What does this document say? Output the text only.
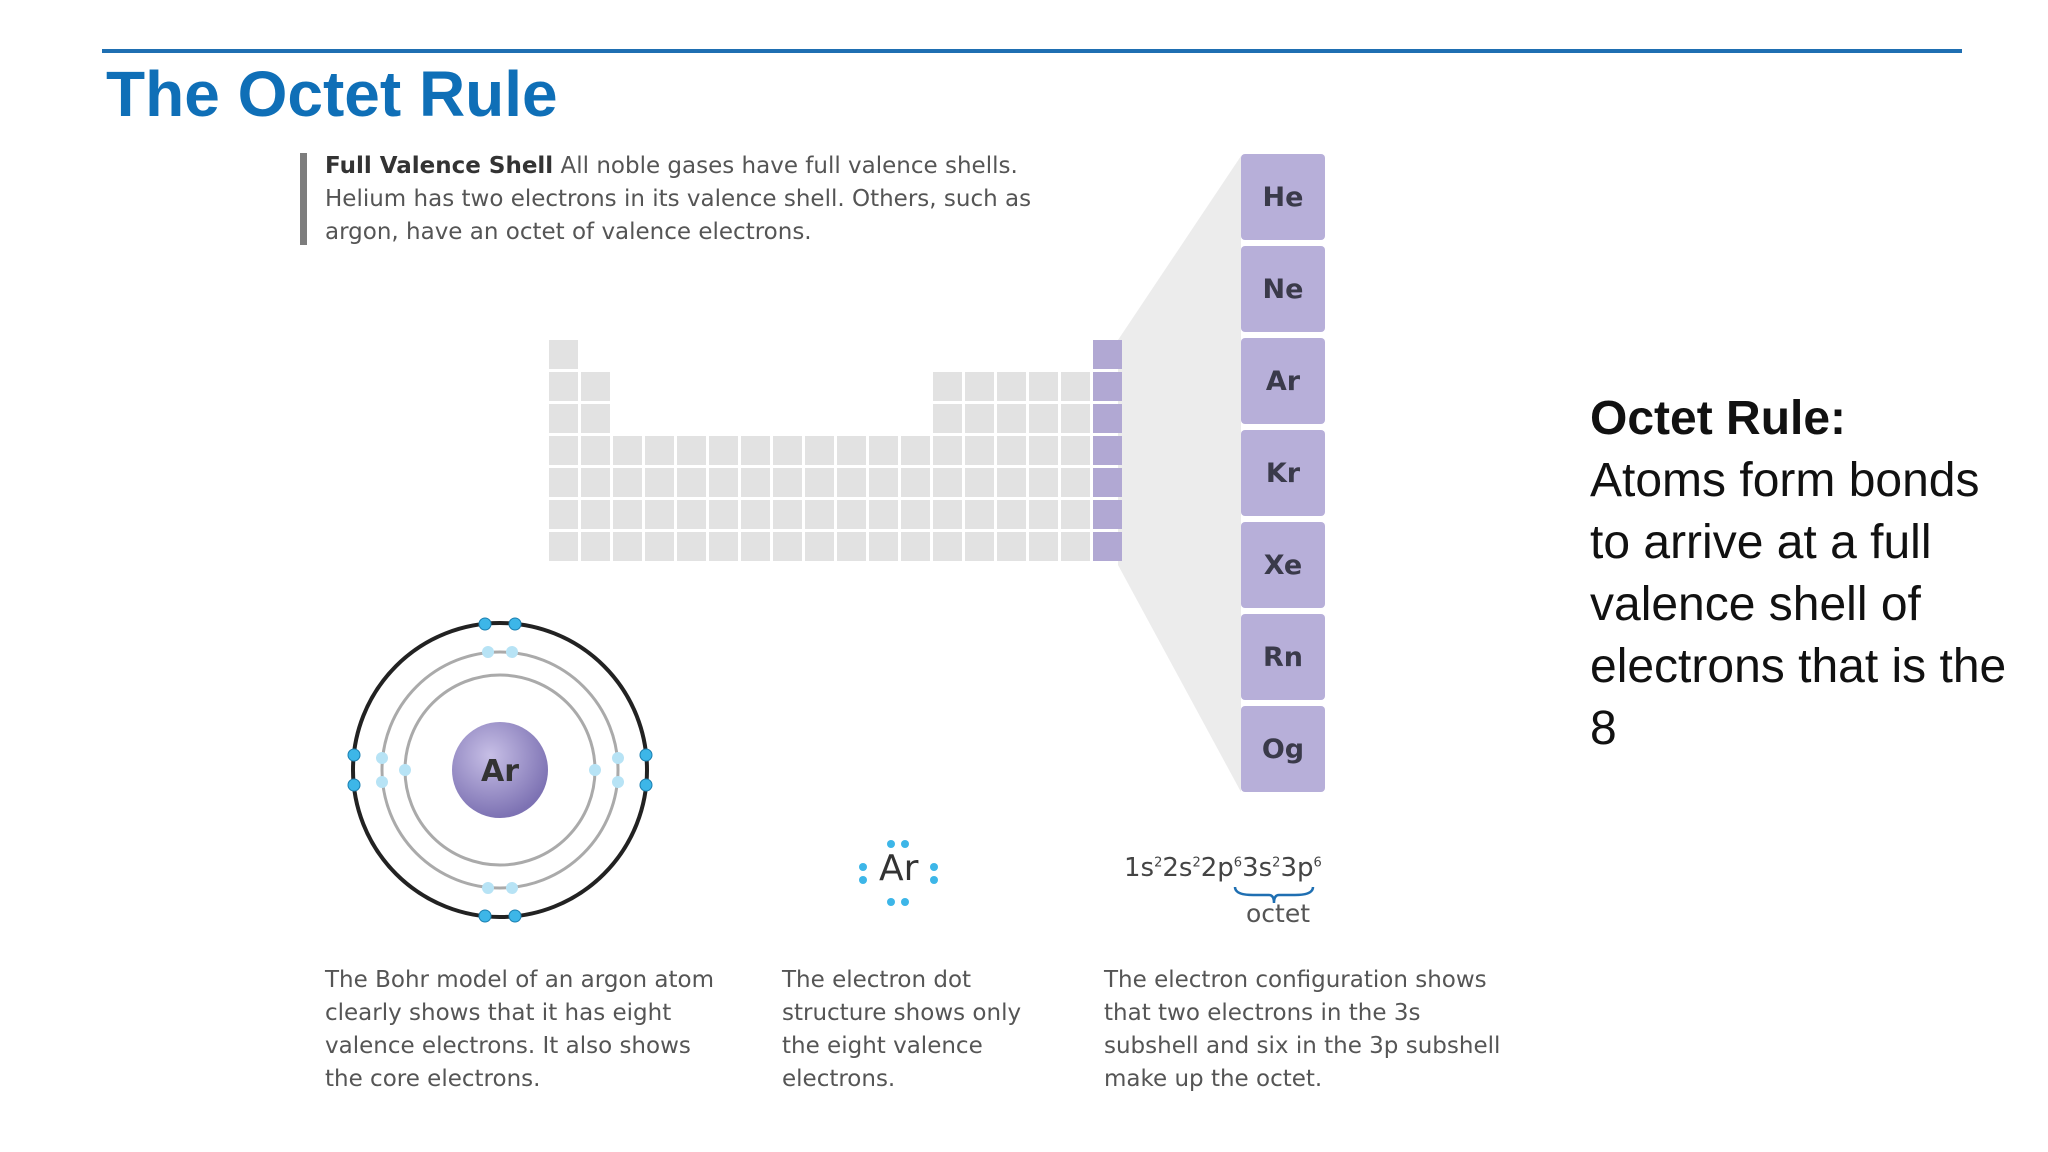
The Octet Rule

Full Valence Shell All noble gases have full valence shells. Helium has two electrons in its valence shell. Others, such as argon, have an octet of valence electrons.

He
Ne
Ar
Kr
Xe
Rn
Og
Ar
Ar	$1s^22s^22p^63s^23p^6$
octet

The Bohr model of an argon atom clearly shows that it has eight valence electrons. It also shows the core electrons.

The electron dot structure shows only the eight valence electrons.

The electron configuration shows that two electrons in the 3s subshell and six in the 3p subshell make up the octet.

Octet Rule:
Atoms form bonds to arrive at a full valence shell of electrons that is the 8
